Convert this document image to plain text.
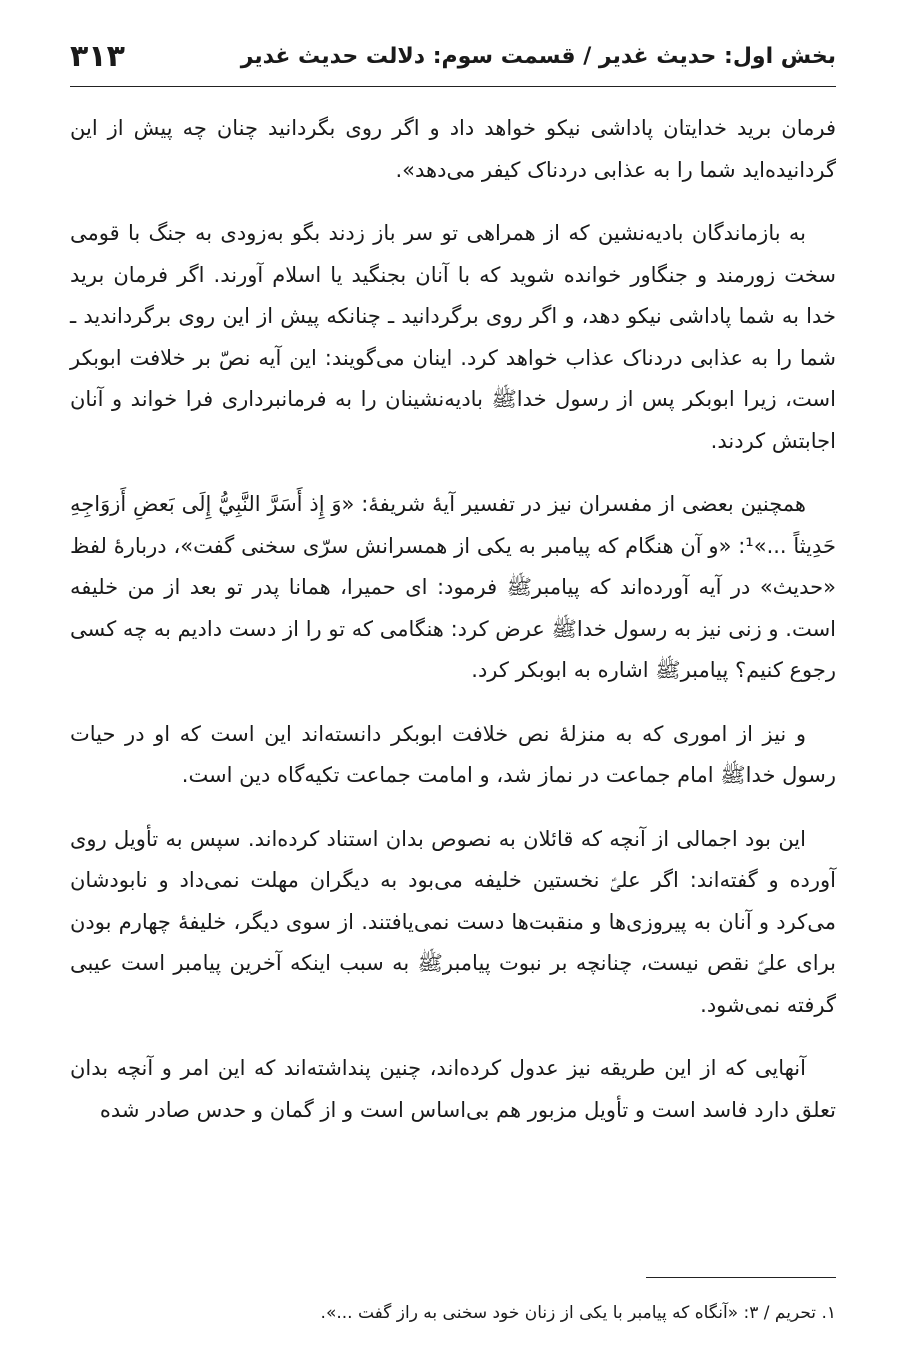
بخش اول: حدیث غدیر / قسمت سوم: دلالت حدیث غدیر
۳۱۳

فرمان برید خدایتان پاداشی نیکو خواهد داد و اگر روی بگردانید چنان چه پیش از این گردانیده‌اید شما را به عذابی دردناک کیفر می‌دهد».

به بازماندگان بادیه‌نشین که از همراهی تو سر باز زدند بگو به‌زودی به جنگ با قومی سخت زورمند و جنگاور خوانده شوید که با آنان بجنگید یا اسلام آورند. اگر فرمان برید خدا به شما پاداشی نیکو دهد، و اگر روی برگردانید ـ چنانکه پیش از این روی برگرداندید ـ شما را به عذابی دردناک عذاب خواهد کرد. اینان می‌گویند: این آیه نصّ بر خلافت ابوبکر است، زیرا ابوبکر پس از رسول خداﷺ بادیه‌نشینان را به فرمانبرداری فرا خواند و آنان اجابتش کردند.

همچنین بعضی از مفسران نیز در تفسیر آیهٔ شریفهٔ: «وَ إِذ أَسَرَّ النَّبِيُّ إِلَى بَعضِ أَزوَاجِهِ حَدِيثاً ...»¹: «و آن هنگام که پیامبر به یکی از همسرانش سرّی سخنی گفت»، دربارهٔ لفظ «حدیث» در آیه آورده‌اند که پیامبرﷺ فرمود: ای حمیرا، همانا پدر تو بعد از من خلیفه است. و زنی نیز به رسول خداﷺ عرض کرد: هنگامی که تو را از دست دادیم به چه کسی رجوع کنیم؟ پیامبرﷺ اشاره به ابوبکر کرد.

و نیز از اموری که به منزلهٔ نص خلافت ابوبکر دانسته‌اند این است که او در حیات رسول خداﷺ امام جماعت در نماز شد، و امامت جماعت تکیه‌گاه دین است.

این بود اجمالی از آنچه که قائلان به نصوص بدان استناد کرده‌اند. سپس به تأویل روی آورده و گفته‌اند: اگر علیؑ نخستین خلیفه می‌بود به دیگران مهلت نمی‌داد و نابودشان می‌کرد و آنان به پیروزی‌ها و منقبت‌ها دست نمی‌یافتند. از سوی دیگر، خلیفهٔ چهارم بودن برای علیؑ نقص نیست، چنانچه بر نبوت پیامبرﷺ به سبب اینکه آخرین پیامبر است عیبی گرفته نمی‌شود.

آنهایی که از این طریقه نیز عدول کرده‌اند، چنین پنداشته‌اند که این امر و آنچه بدان تعلق دارد فاسد است و تأویل مزبور هم بی‌اساس است و از گمان و حدس صادر شده

۱. تحریم / ۳: «آنگاه که پیامبر با یکی از زنان خود سخنی به راز گفت ...».
